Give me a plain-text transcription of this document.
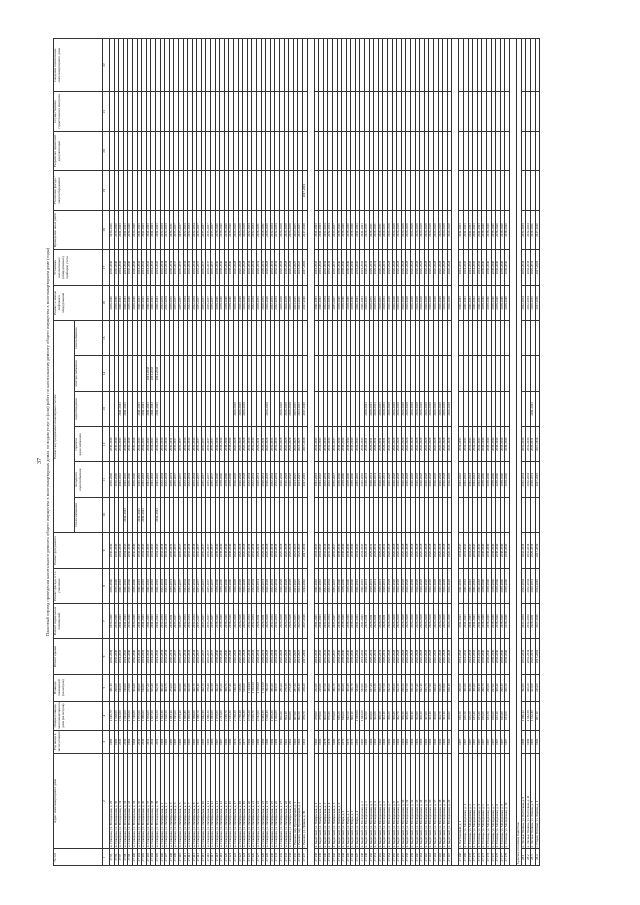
37 Плановый период проведения капитального ремонта общего имущества в многоквартирных домах по видам услуг и (или) работ по капитальному ремонту общего имущества в многоквартирном доме (годы)
№ п/п	Адрес многоквартирного дома	Год ввода в эксплуатацию	Общая площадь многоквартирного дома (кв.метров)	Площадь помещений (кв.метров)	Ремонт крыши	Ремонт подвальных помещений	Ремонт фасада, в т.ч. утепление	Ремонт фундамента	Ремонт внутридомовых инженерных систем						Ремонт и замена лифтового оборудования	Установка коллективных (общедомовых) приборов учета	Проведение иных работ	Утепление фасада / энергосбережение	Разработка проектной документации	Осуществление строительного контроля	Сведения о включении многоквартирного дома
									теплоснабжения	холодного водоснабжения	горячего водоснабжения	водоотведения	электроснабжения	газоснабжения							
1	2	3	4	5	6	7	8	9	10	11	12	13	14	15	16	17	18	19	20	21	22
27.95	ж. Северная, ул. Молодежная, д. 29	1990	1 616,70	381,10	2036-2040	2036-2040	2036-2040	2036-2040		2036-2040	2036-2040				2036-2040	2036-2040	2036-2040				
27.96	ж. Северная, ул. Молодежная, д. 30	1990	1 538,00	290,00	2036-2040	2036-2040	2036-2040	2036-2040		2036-2040	2036-2040				2036-2040	2036-2040	2036-2040				
27.97	ж. Северная, ул. Молодежная, д. 31	2010	2 012,00	616,00	2041-2043	2041-2043	2041-2043	2041-2043		2041-2043	2041-2043	2041-2043			2041-2043	2041-2043	2041-2043				
27.98	ж. Северная, ул. Молодежная, д. 32	2010	2 011,00	510,00	2041-2043	2041-2043	2041-2043	2041-2043	2041-2043	2041-2043	2041-2043	2041-2043			2041-2043	2041-2043	2041-2043				
27.99	ж. Северная, ул. Молодежная, д. 33	1994	1 518,00	274,90	2036-2040	2036-2040	2036-2040	2036-2040		2036-2040	2036-2040				2036-2040	2036-2040	2036-2040				
27.100	ж. Северная, ул. Молодежная, д. 34	1994	1 519,00	304,40	2036-2040	2036-2040	2036-2040	2036-2040		2036-2040	2036-2040				2036-2040	2036-2040	2036-2040				
27.101	ж. Северная, ул. Молодежная, д. 35	2010	1 872,00	348,00	2041-2043	2041-2043	2041-2043	2041-2043	2041-2043	2041-2043	2041-2043	2041-2043			2041-2043	2041-2043	2041-2043				
27.102	ж. Северная, ул. Молодежная, д. 36	2010	1 990,00	616,00	2041-2043	2041-2043	2041-2043	2041-2043	2041-2043	2041-2043	2041-2043	2041-2043			2041-2043	2041-2043	2041-2043				
27.103	ж. Северная, ул. Молодежная, д. 37	2011	1 834,00	657,20	2041-2043	2041-2043	2041-2043	2041-2043		2041-2043	2041-2043	2041-2043	2041-2043		2041-2043	2041-2043	2041-2043				
27.104	ж. Северная, ул. Молодежная, д. 38	2011	1 837,50	565,40	2041-2043	2041-2043	2041-2043	2041-2043		2041-2043	2041-2043	2041-2043	2041-2043		2041-2043	2041-2043	2041-2043				
27.105	ж. Северная, ул. Молодежная, д. 39	2011	1 821,50	592,30	2041-2043	2041-2043	2041-2043	2041-2043	2041-2043	2041-2043	2041-2043	2041-2043	2041-2043		2041-2043	2041-2043	2041-2043				
27.106	ж. Северная, ул. Октябрьская, д. 1	1981	1 912,30	491,60	2032-2034	2032-2034	2032-2034	2032-2034		2032-2034	2032-2034				2032-2034	2032-2034	2032-2034				
27.107	ж. Северная, ул. Октябрьская, д. 2	1983	2 026,50	494,70	2032-2034	2032-2034	2032-2034	2032-2034		2032-2034	2032-2034				2032-2034	2032-2034	2032-2034				
27.108	ж. Северная, ул. Октябрьская, д. 3	1983	1 983,10	474,00	2030-2031	2030-2031	2030-2031	2030-2031		2030-2031	2030-2031				2030-2031	2030-2031	2030-2031				
27.109	ж. Северная, ул. Октябрьская, д. 4	1985	1 915,00	484,20	2035-2037	2035-2037	2035-2037	2035-2037		2035-2037	2035-2037				2035-2037	2035-2037	2035-2037				
27.110	ж. Северная, ул. Октябрьская, д. 5	1985	1 874,10	429,90	2035-2037	2035-2037	2035-2037	2035-2037		2035-2037	2035-2037				2035-2037	2035-2037	2035-2037				
27.111	ж. Северная, ул. Октябрьская, д. 6	1983	1 865,80	431,80	2032-2034	2032-2034	2032-2034	2032-2034		2032-2034	2032-2034				2032-2034	2032-2034	2032-2034				
27.112	ж. Северная, ул. Октябрьская, д. 7	1983	1 861,50	412,60	2032-2034	2032-2034	2032-2034	2032-2034		2032-2034	2032-2034				2032-2034	2032-2034	2032-2034				
27.113	ж. Северная, ул. Октябрьская, д. 8	1983	1 869,00	442,70	2032-2034	2032-2034	2032-2034	2032-2034		2032-2034	2032-2034				2032-2034	2032-2034	2032-2034				
27.114	ж. Северная, ул. Октябрьская, д. 9	1983	1 880,70	388,10	2035-2037	2035-2037	2035-2037	2035-2037		2035-2037	2035-2037				2035-2037	2035-2037	2035-2037				
27.115	ж. Северная, ул. Октябрьская, д. 10	1983	2 042,10	442,70	2035-2037	2035-2037	2035-2037	2035-2037		2035-2037	2035-2037				2035-2037	2035-2037	2035-2037				
27.116	ж. Северная, ул. Октябрьская, д. 11	1985	1 886,30	378,40	2035-2037	2035-2037	2035-2037	2035-2037		2035-2037	2035-2037				2035-2037	2035-2037	2035-2037				
27.117	ж. Северная, ул. Октябрьская, д. 12	1986	1 891,00	442,40	2035-2037	2035-2037	2035-2037	2035-2037		2035-2037	2035-2037				2035-2037	2035-2037	2035-2037				
27.118	ж. Северная, ул. Октябрьская, д. 13	1987	1 870,00	442,40	2038-2040	2038-2040	2038-2040	2038-2040		2038-2040	2038-2040				2038-2040	2038-2040	2038-2040				
27.119	ж. Северная, ул. Октябрьская, д. 14	1987	2 213,00	385,50	2038-2040	2038-2040	2038-2040	2038-2040		2038-2040	2038-2040				2038-2040	2038-2040	2038-2040				
27.120	ж. Северная, ул. Октябрьская, д. 15	1986	2 198,70	398,70	2038-2040	2038-2040	2038-2040	2038-2040		2038-2040	2038-2040				2038-2040	2038-2040	2038-2040				
27.121	ж. Северная, ул. Октябрьская, д. 16	1986	2 193,30	367,40	2038-2040	2038-2040	2038-2040	2038-2040		2038-2040	2038-2040				2038-2040	2038-2040	2038-2040				
27.122	ж. Северная, ул. Октябрьская, д. 17	1976	2 730,30	518,30	2026-2028	2026-2028	2026-2028	2026-2028		2026-2028	2026-2028	2026-2028			2026-2028	2026-2028	2026-2028				
27.123	ж. Северная, ул. Октябрьская, д. 18	1976	2 738,18	519,80	2026-2028	2026-2028	2026-2028	2026-2028		2026-2028	2026-2028	2026-2028			2026-2028	2026-2028	2026-2028				
27.124	ж. Северная, ул. Октябрьская, д. 19	1977	2 736,30	520,60	2026-2028	2026-2028	2026-2028	2026-2028		2026-2028	2026-2028	2026-2028			2026-2028	2026-2028	2026-2028				
27.125	ж. Северная, ул. Октябрьская, д. 20	1982	4 576,20	1 024,90	2032-2034	2032-2034	2032-2034	2032-2034		2032-2034	2032-2034				2032-2034	2032-2034	2032-2034				
27.126	ж. Северная, ул. Октябрьская, д. 21	1982	4 565,71	1 032,50	2032-2034	2032-2034	2032-2034	2032-2034		2032-2034	2032-2034				2032-2034	2032-2034	2032-2034				
27.127	ж. Северная, ул. Октябрьская, д. 22	1980	4 512,00	1 039,00	2029-2031	2029-2031	2029-2031	2029-2031		2029-2031	2029-2031				2029-2031	2029-2031	2029-2031				
27.128	ж. Северная, ул. Октябрьская, д. 23	1980	4 494,30	1 023,50	2029-2031	2029-2031	2029-2031	2029-2031		2029-2031	2029-2031				2029-2031	2029-2031	2029-2031				
27.129	ж. Северная, ул. Октябрьская, д. 24	1980	3 568,10	781,20	2026-2028	2026-2028	2026-2028	2026-2028		2026-2028	2026-2028	2026-2028			2026-2028	2026-2028	2026-2028				
27.130	ж. Северная, ул. Октябрьская, д. 25	1981	1 851,30	381,60	2032-2034	2032-2034	2032-2034	2032-2034		2032-2034	2032-2034				2032-2034	2032-2034	2032-2034				
27.131	ж. Северная, ул. Октябрьская, д. 26	1981	1 861,00	384,50	2032-2034	2032-2034	2032-2034	2032-2034		2032-2034	2032-2034				2032-2034	2032-2034	2032-2034				
27.132	ж. Северная, ул. Октябрьская, д. 27	1962	951,20	281,60	2026-2028	2026-2028	2026-2028	2026-2028		2026-2028	2026-2028	2026-2028			2026-2028	2026-2028	2026-2028				
27.133	ж. Северная, ул. Октябрьская, д. 28	1962	954,10	276,30	2026-2028	2026-2028	2026-2028	2026-2028		2026-2028	2026-2028	2026-2028			2026-2028	2026-2028	2026-2028				
27.134	ж. Северная, ул. Октябрьская, д. 29	1962	956,00	273,30	2026-2028	2026-2028	2026-2028	2026-2028		2026-2028	2026-2028	2026-2028			2026-2028	2026-2028	2026-2028				
27.135	г. Рыжово, пер. Пролетарский, д. 1	1966	967,80	287,20	2023-2025	2023-2025	2023-2025	2023-2025		2023-2025	2023-2025	2023-2025			2023-2025	2023-2025	2023-2025				
27.136	г. Рыжово, пер. Пролетарский, д. 2	1966	962,50	288,30	2023-2025	2023-2025	2023-2025	2023-2025		2023-2025	2023-2025	2023-2025			2023-2025	2023-2025	2023-2025				
27.137	г. Рыжово, ул. Ленина, д. 39	1955	478,70	238,20	2017-2019	2017-2019	2014-2016	2017-2019		2017-2019	2017-2019	2017-2019			2017-2019	2017-2019	2017-2019	2017-2019			

27.138	п. Кадетский, ул. Ноябрьская, д. 1	1960	478,90	232,00	2041-2043	2041-2043	2041-2043	2041-2043		2041-2043	2041-2043				2041-2043	2041-2043	2041-2043				
27.139	п. Кадетский, ул. Ноябрьская, д. 2	1960	478,90	229,80	2041-2043	2041-2043	2041-2043	2041-2043		2041-2043	2041-2043				2041-2043	2041-2043	2041-2043				
27.140	п. Кадетский, ул. Ноябрьская, д. 3	1978	966,50	367,50	2032-2034	2032-2034	2032-2034	2032-2034		2032-2034	2032-2034				2032-2034	2032-2034	2032-2034				
27.141	п. Кадетский, ул. Ноябрьская, д. 4	1978	970,40	389,00	2032-2034	2032-2034	2032-2034	2032-2034		2032-2034	2032-2034				2032-2034	2032-2034	2032-2034				
27.142	п. Кадетский, ул. Ноябрьская, д. 5	1980	978,00	386,70	2035-2037	2035-2037	2035-2037	2035-2037		2035-2037	2035-2037				2035-2037	2035-2037	2035-2037				
27.143	п. Кадетский, ул. Ноябрьская, д. 6	1970	818,20	311,80	2038-2040	2038-2040	2038-2040	2038-2040		2038-2040	2038-2040				2038-2040	2038-2040	2038-2040				
27.144	п. Кадетский, ул. Мира, д. 1	1970	816,00	306,00	2038-2040	2038-2040	2038-2040	2038-2040		2038-2040	2038-2040				2038-2040	2038-2040	2038-2040				
27.145	п. Кадетский, ул. Мира, д. 2	1970	812,50	305,40	2038-2040	2038-2040	2038-2040	2038-2040		2038-2040	2038-2040				2038-2040	2038-2040	2038-2040				
27.146	п. Кадетский, ул. Мира, д. 3	1970	809,10	311,70	2038-2040	2038-2040	2038-2040	2038-2040		2038-2040	2038-2040				2038-2040	2038-2040	2038-2040				
27.147	п. Кадетский, ул. Мира, д. 4	1985	1 818,00	584,80	2041-2043	2041-2043	2041-2043	2041-2043		2041-2043	2041-2043				2041-2043	2041-2043	2041-2043				
27.148	п. Кадетский, ул. Молодежная, д. 1	1985	1 843,60	582,00	2041-2043	2041-2043	2041-2043	2041-2043		2041-2043	2041-2043				2041-2043	2041-2043	2041-2043				
27.149	п. Кадетский, ул. Молодежная, д. 2	1985	362,90	193,60	2029-2031	2029-2031	2029-2031	2029-2031		2029-2031	2029-2031	2029-2031			2029-2031	2029-2031	2029-2031				
27.150	п. Кадетский, ул. Молодежная, д. 3	1960	369,00	197,40	2029-2031	2029-2031	2029-2031	2029-2031		2029-2031	2029-2031	2029-2031			2029-2031	2029-2031	2029-2031				
27.151	п. Кадетский, ул. Молодежная, д. 4	1960	362,00	193,30	2029-2031	2029-2031	2029-2031	2029-2031		2029-2031	2029-2031	2029-2031			2029-2031	2029-2031	2029-2031				
27.152	п. Кадетский, ул. Молодежная, д. 5	1960	369,50	198,20	2029-2031	2029-2031	2029-2031	2029-2031		2029-2031	2029-2031	2029-2031			2029-2031	2029-2031	2029-2031				
27.153	п. Кадетский, ул. Молодежная, д. 6	1960	362,10	197,50	2029-2031	2029-2031	2029-2031	2029-2031		2029-2031	2029-2031	2029-2031			2029-2031	2029-2031	2029-2031				
27.154	п. Кадетский, ул. Молодежная, д. 7	1960	369,20	192,20	2026-2028	2026-2028	2026-2028	2026-2028		2026-2028	2026-2028	2026-2028			2026-2028	2026-2028	2026-2028				
27.155	п. Кадетский, ул. Молодежная, д. 8	1960	369,40	198,20	2026-2028	2026-2028	2026-2028	2026-2028		2026-2028	2026-2028	2026-2028			2026-2028	2026-2028	2026-2028				
27.156	п. Кадетский, ул. Молодежная, д. 9	1960	362,70	192,30	2026-2028	2026-2028	2026-2028	2026-2028		2026-2028	2026-2028	2026-2028			2026-2028	2026-2028	2026-2028				
27.157	п. Кадетский, ул. Молодежная, д. 10	1960	369,30	196,50	2026-2028	2026-2028	2026-2028	2026-2028		2026-2028	2026-2028	2026-2028			2026-2028	2026-2028	2026-2028				
27.158	п. Кадетский, ул. Молодежная, д. 11	1960	369,40	187,50	2026-2028	2026-2028	2026-2028	2026-2028		2026-2028	2026-2028	2026-2028			2026-2028	2026-2028	2026-2028				
27.159	п. Кадетский, ул. Молодежная, д. 12	1960	369,10	191,20	2026-2028	2026-2028	2026-2028	2026-2028		2026-2028	2026-2028	2026-2028			2026-2028	2026-2028	2026-2028				
27.160	п. Кадетский, ул. Молодежная, д. 13	1960	362,80	197,40	2026-2028	2026-2028	2026-2028	2026-2028		2026-2028	2026-2028	2026-2028			2026-2028	2026-2028	2026-2028				
27.161	п. Кадетский, ул. Молодежная, д. 14	1960	369,30	192,10	2026-2028	2026-2028	2026-2028	2026-2028		2026-2028	2026-2028	2026-2028			2026-2028	2026-2028	2026-2028				
27.162	п. Кадетский, ул. Молодежная, д. 15	1960	367,00	195,70	2026-2028	2026-2028	2026-2028	2026-2028		2026-2028	2026-2028	2026-2028			2026-2028	2026-2028	2026-2028				
27.163	п. Кадетский, ул. Молодежная, д. 16	1960	363,10	197,80	2026-2028	2026-2028	2026-2028	2026-2028		2026-2028	2026-2028	2026-2028			2026-2028	2026-2028	2026-2028				
27.164	п. Кадетский, ул. Молодежная, д. 17	1960	368,90	198,40	2026-2028	2026-2028	2026-2028	2026-2028		2026-2028	2026-2028	2026-2028			2026-2028	2026-2028	2026-2028				
27.165	п. Кадетский, ул. Молодежная, д. 18	1960	364,70	196,80	2026-2028	2026-2028	2026-2028	2026-2028		2026-2028	2026-2028	2026-2028			2026-2028	2026-2028	2026-2028				
27.166	п. Кадетский, ул. Молодежная, д. 19	1960	363,10	193,90	2026-2028	2026-2028	2026-2028	2026-2028		2026-2028	2026-2028	2026-2028			2026-2028	2026-2028	2026-2028				
27.167	п. Кадетский, ул. Молодежная, д. 20	1960	369,90	198,10	2026-2028	2026-2028	2026-2028	2026-2028		2026-2028	2026-2028	2026-2028			2026-2028	2026-2028	2026-2028				

27.168	п. Пастушиный, д. 2	1987	630,30	296,00	2041-2043	2041-2043	2041-2043	2041-2043		2041-2043	2041-2043				2041-2043	2041-2043	2041-2043				
27.169	п. Столица, ул. Молодежная, д. 1	1987	630,30	301,00	2041-2043	2041-2043	2041-2043	2041-2043		2041-2043	2041-2043				2041-2043	2041-2043	2041-2043				
27.170	п. Столица, ул. Молодежная, д. 2	1987	635,50	301,90	2041-2043	2041-2043	2041-2043	2041-2043		2041-2043	2041-2043				2041-2043	2041-2043	2041-2043				
27.171	п. Столица, ул. Молодежная, д. 3	1987	635,40	301,00	2041-2043	2041-2043	2041-2043	2041-2043		2041-2043	2041-2043				2041-2043	2041-2043	2041-2043				
27.172	п. Столица, ул. Молодежная, д. 4	1987	633,40	298,10	2041-2043	2041-2043	2041-2043	2041-2043		2041-2043	2041-2043				2041-2043	2041-2043	2041-2043				
27.173	п. Столица, ул. Молодежная, д. 5	1987	635,60	296,70	2038-2040	2038-2040	2038-2040	2038-2040		2038-2040	2038-2040				2038-2040	2038-2040	2038-2040				
27.174	п. Столица, ул. Молодежная, д. 6	1987	633,30	299,80	2038-2040	2038-2040	2038-2040	2038-2040		2038-2040	2038-2040				2038-2040	2038-2040	2038-2040				
27.175	п. Столица, ул. Молодежная, д. 7	1987	630,60	297,00	2038-2040	2038-2040	2038-2040	2038-2040		2038-2040	2038-2040				2038-2040	2038-2040	2038-2040				
27.176	п. Столица, ул. Молодежная, д. 8	1987	633,10	300,40	2038-2040	2038-2040	2038-2040	2038-2040		2038-2040	2038-2040				2038-2040	2038-2040	2038-2040				
27.177	п. Столица, ул. Молодежная, д. 9	1987	631,80	299,20	2038-2040	2038-2040	2038-2040	2038-2040		2038-2040	2038-2040				2038-2040	2038-2040	2038-2040				
27.178	п. Столица, ул. Молодежная, д. 10	1987	633,00	296,30	2038-2040	2038-2040	2038-2040	2038-2040		2038-2040	2038-2040				2038-2040	2038-2040	2038-2040				

Сельское поселение Кадетское																					
28.1	п. Лесные Поляны, ул. Восточная, д. 9	1989	1 096,12	392,00	2032-2034	2032-2034	2032-2034	2032-2034		2032-2034	2032-2034				2032-2034	2032-2034	2032-2034				
28.2	п. Лесные Поляны, ул. Восточная, д. 11	1989	1 042,58	420,20	2032-2034	2032-2034	2032-2034	2032-2034		2032-2034	2032-2034				2032-2034	2032-2034	2032-2034				
28.3	п. Лесные Поляны, ул. Ленина, д. 8	1985	1 162,40	423,00	2029-2031	2029-2031	2029-2031	2029-2031		2029-2031	2029-2031	2041-2043			2029-2031	2029-2031	2029-2031				
28.4	с. Старое Плотино, ул. Ленина, д. 1	1960	697,19	245,00	2017-2019	2017-2019	2014-2016	2017-2019		2017-2019	2017-2019				2017-2019	2017-2019	2017-2019				
